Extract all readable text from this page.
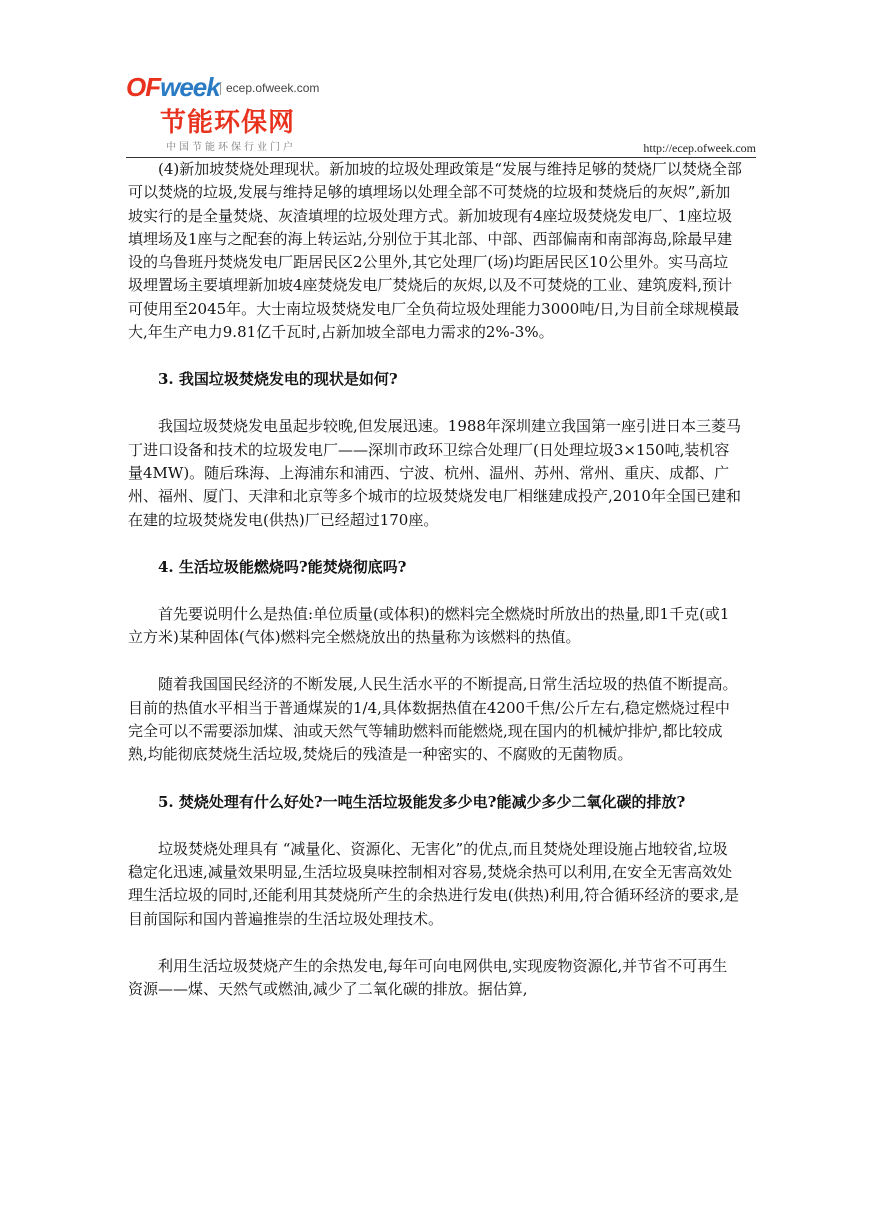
OFweek ecep.ofweek.com
节能环保网
中国节能环保行业门户	http://ecep.ofweek.com

(4)新加坡焚烧处理现状。新加坡的垃圾处理政策是“发展与维持足够的焚烧厂以焚烧全部可以焚烧的垃圾,发展与维持足够的填埋场以处理全部不可焚烧的垃圾和焚烧后的灰烬”,新加坡实行的是全量焚烧、灰渣填埋的垃圾处理方式。新加坡现有4座垃圾焚烧发电厂、1座垃圾填埋场及1座与之配套的海上转运站,分别位于其北部、中部、西部偏南和南部海岛,除最早建设的乌鲁班丹焚烧发电厂距居民区2公里外,其它处理厂(场)均距居民区10公里外。实马高垃圾埋置场主要填埋新加坡4座焚烧发电厂焚烧后的灰烬,以及不可焚烧的工业、建筑废料,预计可使用至2045年。大士南垃圾焚烧发电厂全负荷垃圾处理能力3000吨/日,为目前全球规模最大,年生产电力9.81亿千瓦时,占新加坡全部电力需求的2%-3%。

3. 我国垃圾焚烧发电的现状是如何?

我国垃圾焚烧发电虽起步较晚,但发展迅速。1988年深圳建立我国第一座引进日本三菱马丁进口设备和技术的垃圾发电厂——深圳市政环卫综合处理厂(日处理垃圾3×150吨,装机容量4MW)。随后珠海、上海浦东和浦西、宁波、杭州、温州、苏州、常州、重庆、成都、广州、福州、厦门、天津和北京等多个城市的垃圾焚烧发电厂相继建成投产,2010年全国已建和在建的垃圾焚烧发电(供热)厂已经超过170座。

4. 生活垃圾能燃烧吗?能焚烧彻底吗?

首先要说明什么是热值:单位质量(或体积)的燃料完全燃烧时所放出的热量,即1千克(或1立方米)某种固体(气体)燃料完全燃烧放出的热量称为该燃料的热值。

随着我国国民经济的不断发展,人民生活水平的不断提高,日常生活垃圾的热值不断提高。目前的热值水平相当于普通煤炭的1/4,具体数据热值在4200千焦/公斤左右,稳定燃烧过程中完全可以不需要添加煤、油或天然气等辅助燃料而能燃烧,现在国内的机械炉排炉,都比较成熟,均能彻底焚烧生活垃圾,焚烧后的残渣是一种密实的、不腐败的无菌物质。

5. 焚烧处理有什么好处?一吨生活垃圾能发多少电?能减少多少二氧化碳的排放?

垃圾焚烧处理具有 “减量化、资源化、无害化”的优点,而且焚烧处理设施占地较省,垃圾稳定化迅速,减量效果明显,生活垃圾臭味控制相对容易,焚烧余热可以利用,在安全无害高效处理生活垃圾的同时,还能利用其焚烧所产生的余热进行发电(供热)利用,符合循环经济的要求,是目前国际和国内普遍推崇的生活垃圾处理技术。

利用生活垃圾焚烧产生的余热发电,每年可向电网供电,实现废物资源化,并节省不可再生资源——煤、天然气或燃油,减少了二氧化碳的排放。据估算,
